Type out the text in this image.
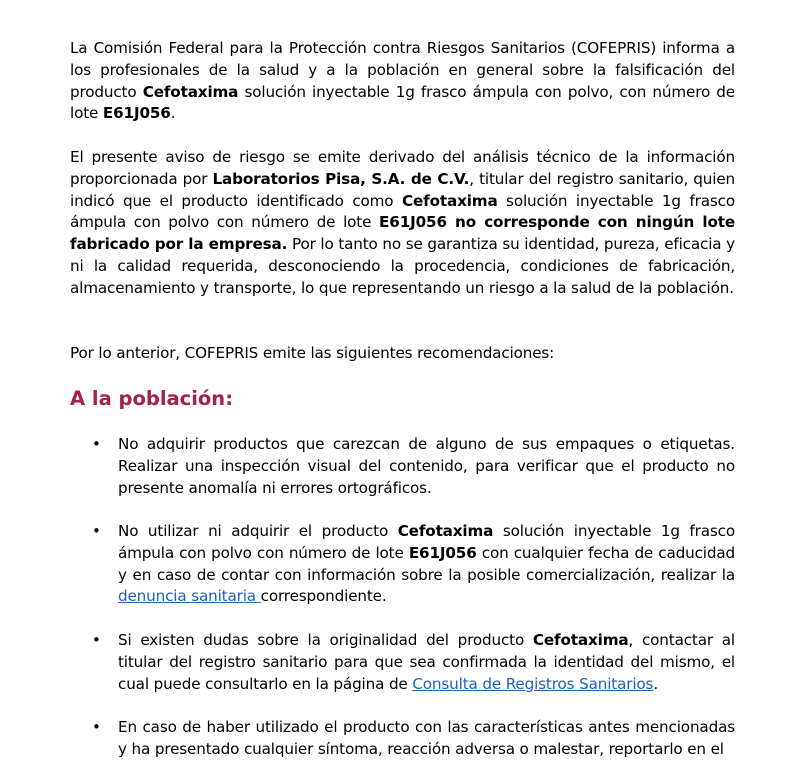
La Comisión Federal para la Protección contra Riesgos Sanitarios (COFEPRIS) informa a los profesionales de la salud y a la población en general sobre la falsificación del producto Cefotaxima solución inyectable 1g frasco ámpula con polvo, con número de lote E61J056.

El presente aviso de riesgo se emite derivado del análisis técnico de la información proporcionada por Laboratorios Pisa, S.A. de C.V., titular del registro sanitario, quien indicó que el producto identificado como Cefotaxima solución inyectable 1g frasco ámpula con polvo con número de lote E61J056 no corresponde con ningún lote fabricado por la empresa. Por lo tanto no se garantiza su identidad, pureza, eficacia y ni la calidad requerida, desconociendo la procedencia, condiciones de fabricación, almacenamiento y transporte, lo que representando un riesgo a la salud de la población.

Por lo anterior, COFEPRIS emite las siguientes recomendaciones:

A la población:
•

No adquirir productos que carezcan de alguno de sus empaques o etiquetas. Realizar una inspección visual del contenido, para verificar que el producto no presente anomalía ni errores ortográficos.

•

No utilizar ni adquirir el producto Cefotaxima solución inyectable 1g frasco ámpula con polvo con número de lote E61J056 con cualquier fecha de caducidad y en caso de contar con información sobre la posible comercialización, realizar la denuncia sanitaria correspondiente.

•

Si existen dudas sobre la originalidad del producto Cefotaxima, contactar al titular del registro sanitario para que sea confirmada la identidad del mismo, el cual puede consultarlo en la página de Consulta de Registros Sanitarios.

•

En caso de haber utilizado el producto con las características antes mencionadas y ha presentado cualquier síntoma, reacción adversa o malestar, reportarlo en el
